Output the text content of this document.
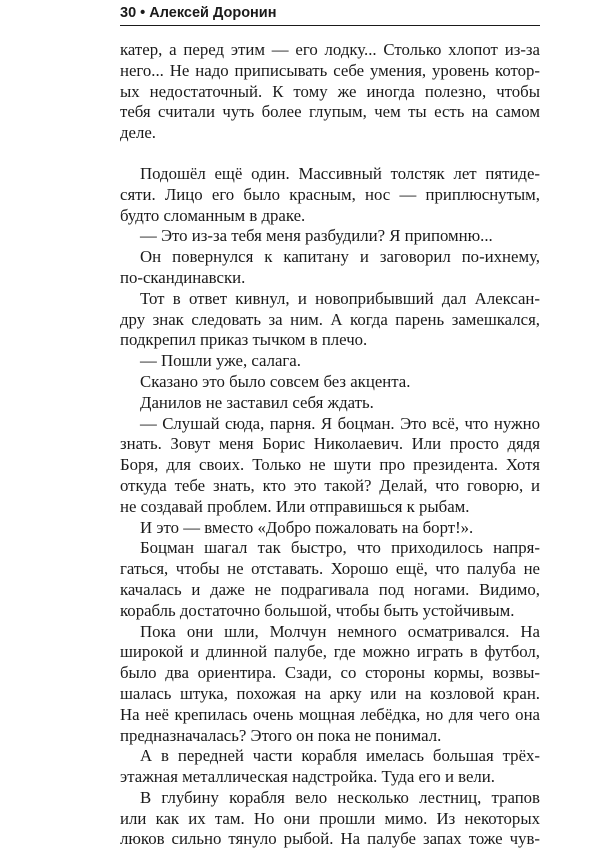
30 • Алексей Доронин
катер, а перед этим — его лодку... Столько хлопот из-за
него... Не надо приписывать себе умения, уровень котор-
ых недостаточный. К тому же иногда полезно, чтобы
тебя считали чуть более глупым, чем ты есть на самом
деле.
Подошёл ещё один. Массивный толстяк лет пятиде-
сяти. Лицо его было красным, нос — приплюснутым,
будто сломанным в драке.
— Это из-за тебя меня разбудили? Я припомню...
Он повернулся к капитану и заговорил по-ихнему,
по-скандинавски.
Тот в ответ кивнул, и новоприбывший дал Алексан-
дру знак следовать за ним. А когда парень замешкался,
подкрепил приказ тычком в плечо.
— Пошли уже, салага.
Сказано это было совсем без акцента.
Данилов не заставил себя ждать.
— Слушай сюда, парня. Я боцман. Это всё, что нужно
знать. Зовут меня Борис Николаевич. Или просто дядя
Боря, для своих. Только не шути про президента. Хотя
откуда тебе знать, кто это такой? Делай, что говорю, и
не создавай проблем. Или отправишься к рыбам.
И это — вместо «Добро пожаловать на борт!».
Боцман шагал так быстро, что приходилось напря-
гаться, чтобы не отставать. Хорошо ещё, что палуба не
качалась и даже не подрагивала под ногами. Видимо,
корабль достаточно большой, чтобы быть устойчивым.
Пока они шли, Молчун немного осматривался. На
широкой и длинной палубе, где можно играть в футбол,
было два ориентира. Сзади, со стороны кормы, возвы-
шалась штука, похожая на арку или на козловой кран.
На неё крепилась очень мощная лебёдка, но для чего она
предназначалась? Этого он пока не понимал.
А в передней части корабля имелась большая трёх-
этажная металлическая надстройка. Туда его и вели.
В глубину корабля вело несколько лестниц, трапов
или как их там. Но они прошли мимо. Из некоторых
люков сильно тянуло рыбой. На палубе запах тоже чув-
